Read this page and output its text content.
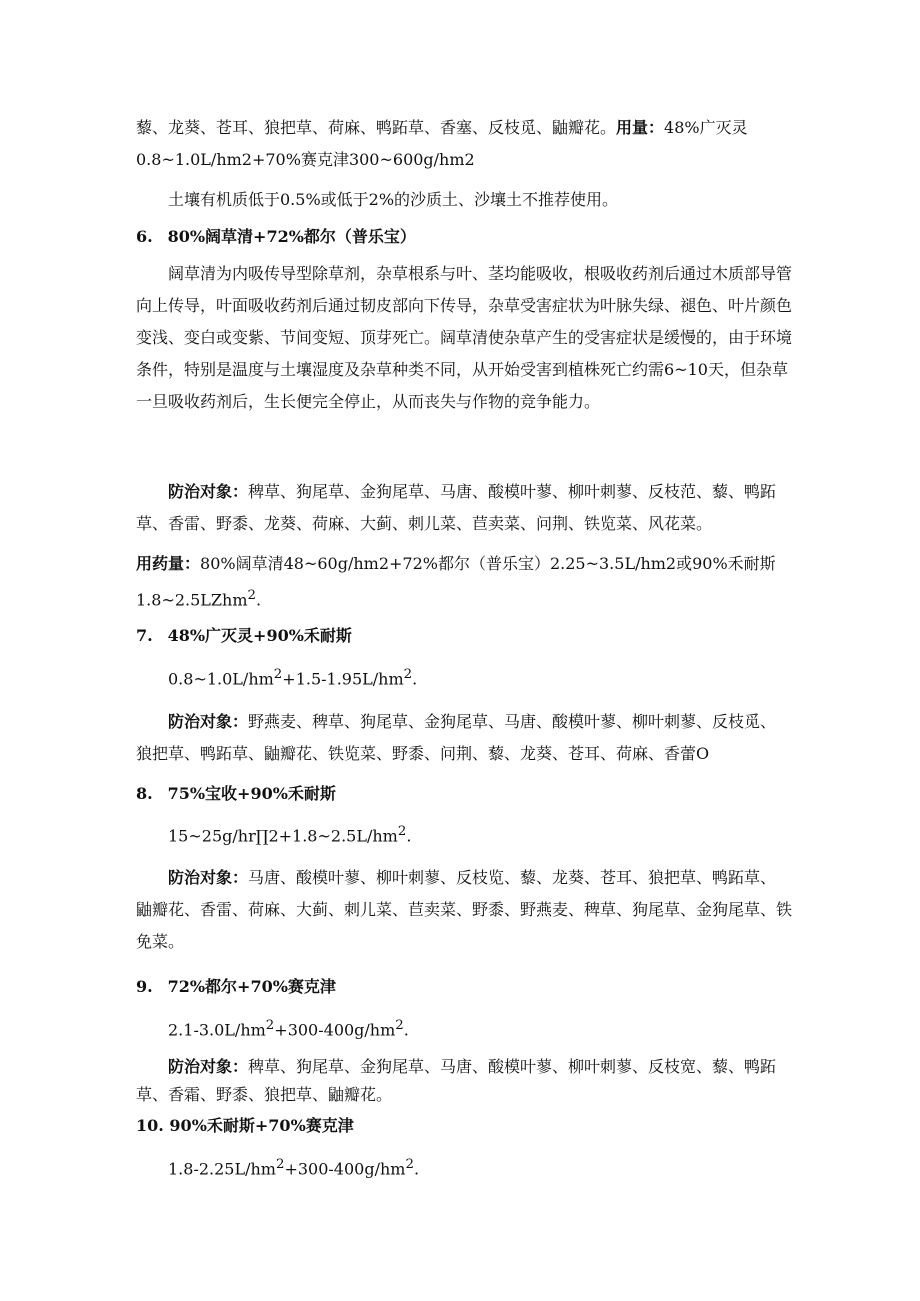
藜、龙葵、苍耳、狼把草、荷麻、鸭跖草、香塞、反枝觅、鼬瓣花。用量：48%广灭灵0.8~1.0L∕hm2+70%赛克津300~600g∕hm2

土壤有机质低于0.5%或低于2%的沙质土、沙壤土不推荐使用。

6. 80%阔草清+72%都尔（普乐宝）

阔草清为内吸传导型除草剂，杂草根系与叶、茎均能吸收，根吸收药剂后通过木质部导管向上传导，叶面吸收药剂后通过韧皮部向下传导，杂草受害症状为叶脉失绿、褪色、叶片颜色变浅、变白或变紫、节间变短、顶芽死亡。阔草清使杂草产生的受害症状是缓慢的，由于环境条件，特别是温度与土壤湿度及杂草种类不同，从开始受害到植株死亡约需6~10天，但杂草一旦吸收药剂后，生长便完全停止，从而丧失与作物的竞争能力。

防治对象：稗草、狗尾草、金狗尾草、马唐、酸模叶蓼、柳叶刺蓼、反枝范、藜、鸭跖草、香雷、野黍、龙葵、荷麻、大蓟、刺儿菜、苣卖菜、问荆、铁览菜、风花菜。

用药量：80%阔草清48~60g∕hm2+72%都尔（普乐宝）2.25~3.5L∕hm2或90%禾耐斯1.8~2.5LZhm$^2$.

7. 48%广灭灵+90%禾耐斯

$0.8\sim 1.0L∕hm^2+1.5-1.95L∕hm^2$.

防治对象：野燕麦、稗草、狗尾草、金狗尾草、马唐、酸模叶蓼、柳叶刺蓼、反枝觅、狼把草、鸭跖草、鼬瓣花、铁览菜、野黍、问荆、藜、龙葵、苍耳、荷麻、香蕾O

8. 75%宝收+90%禾耐斯

$15\sim 25g∕hr\prod 2+1.8\sim 2.5L∕hm^2$.

防治对象：马唐、酸模叶蓼、柳叶刺蓼、反枝览、藜、龙葵、苍耳、狼把草、鸭跖草、鼬瓣花、香雷、荷麻、大蓟、刺儿菜、苣卖菜、野黍、野燕麦、稗草、狗尾草、金狗尾草、铁免菜。

9. 72%都尔+70%赛克津

$2.1-3.0L∕hm^2+300-400g∕hm^2$.

防治对象：稗草、狗尾草、金狗尾草、马唐、酸模叶蓼、柳叶刺蓼、反枝宽、藜、鸭跖草、香霜、野黍、狼把草、鼬瓣花。

10. 90%禾耐斯+70%赛克津

$1.8-2.25L∕hm^2+300-400g∕hm^2$.
